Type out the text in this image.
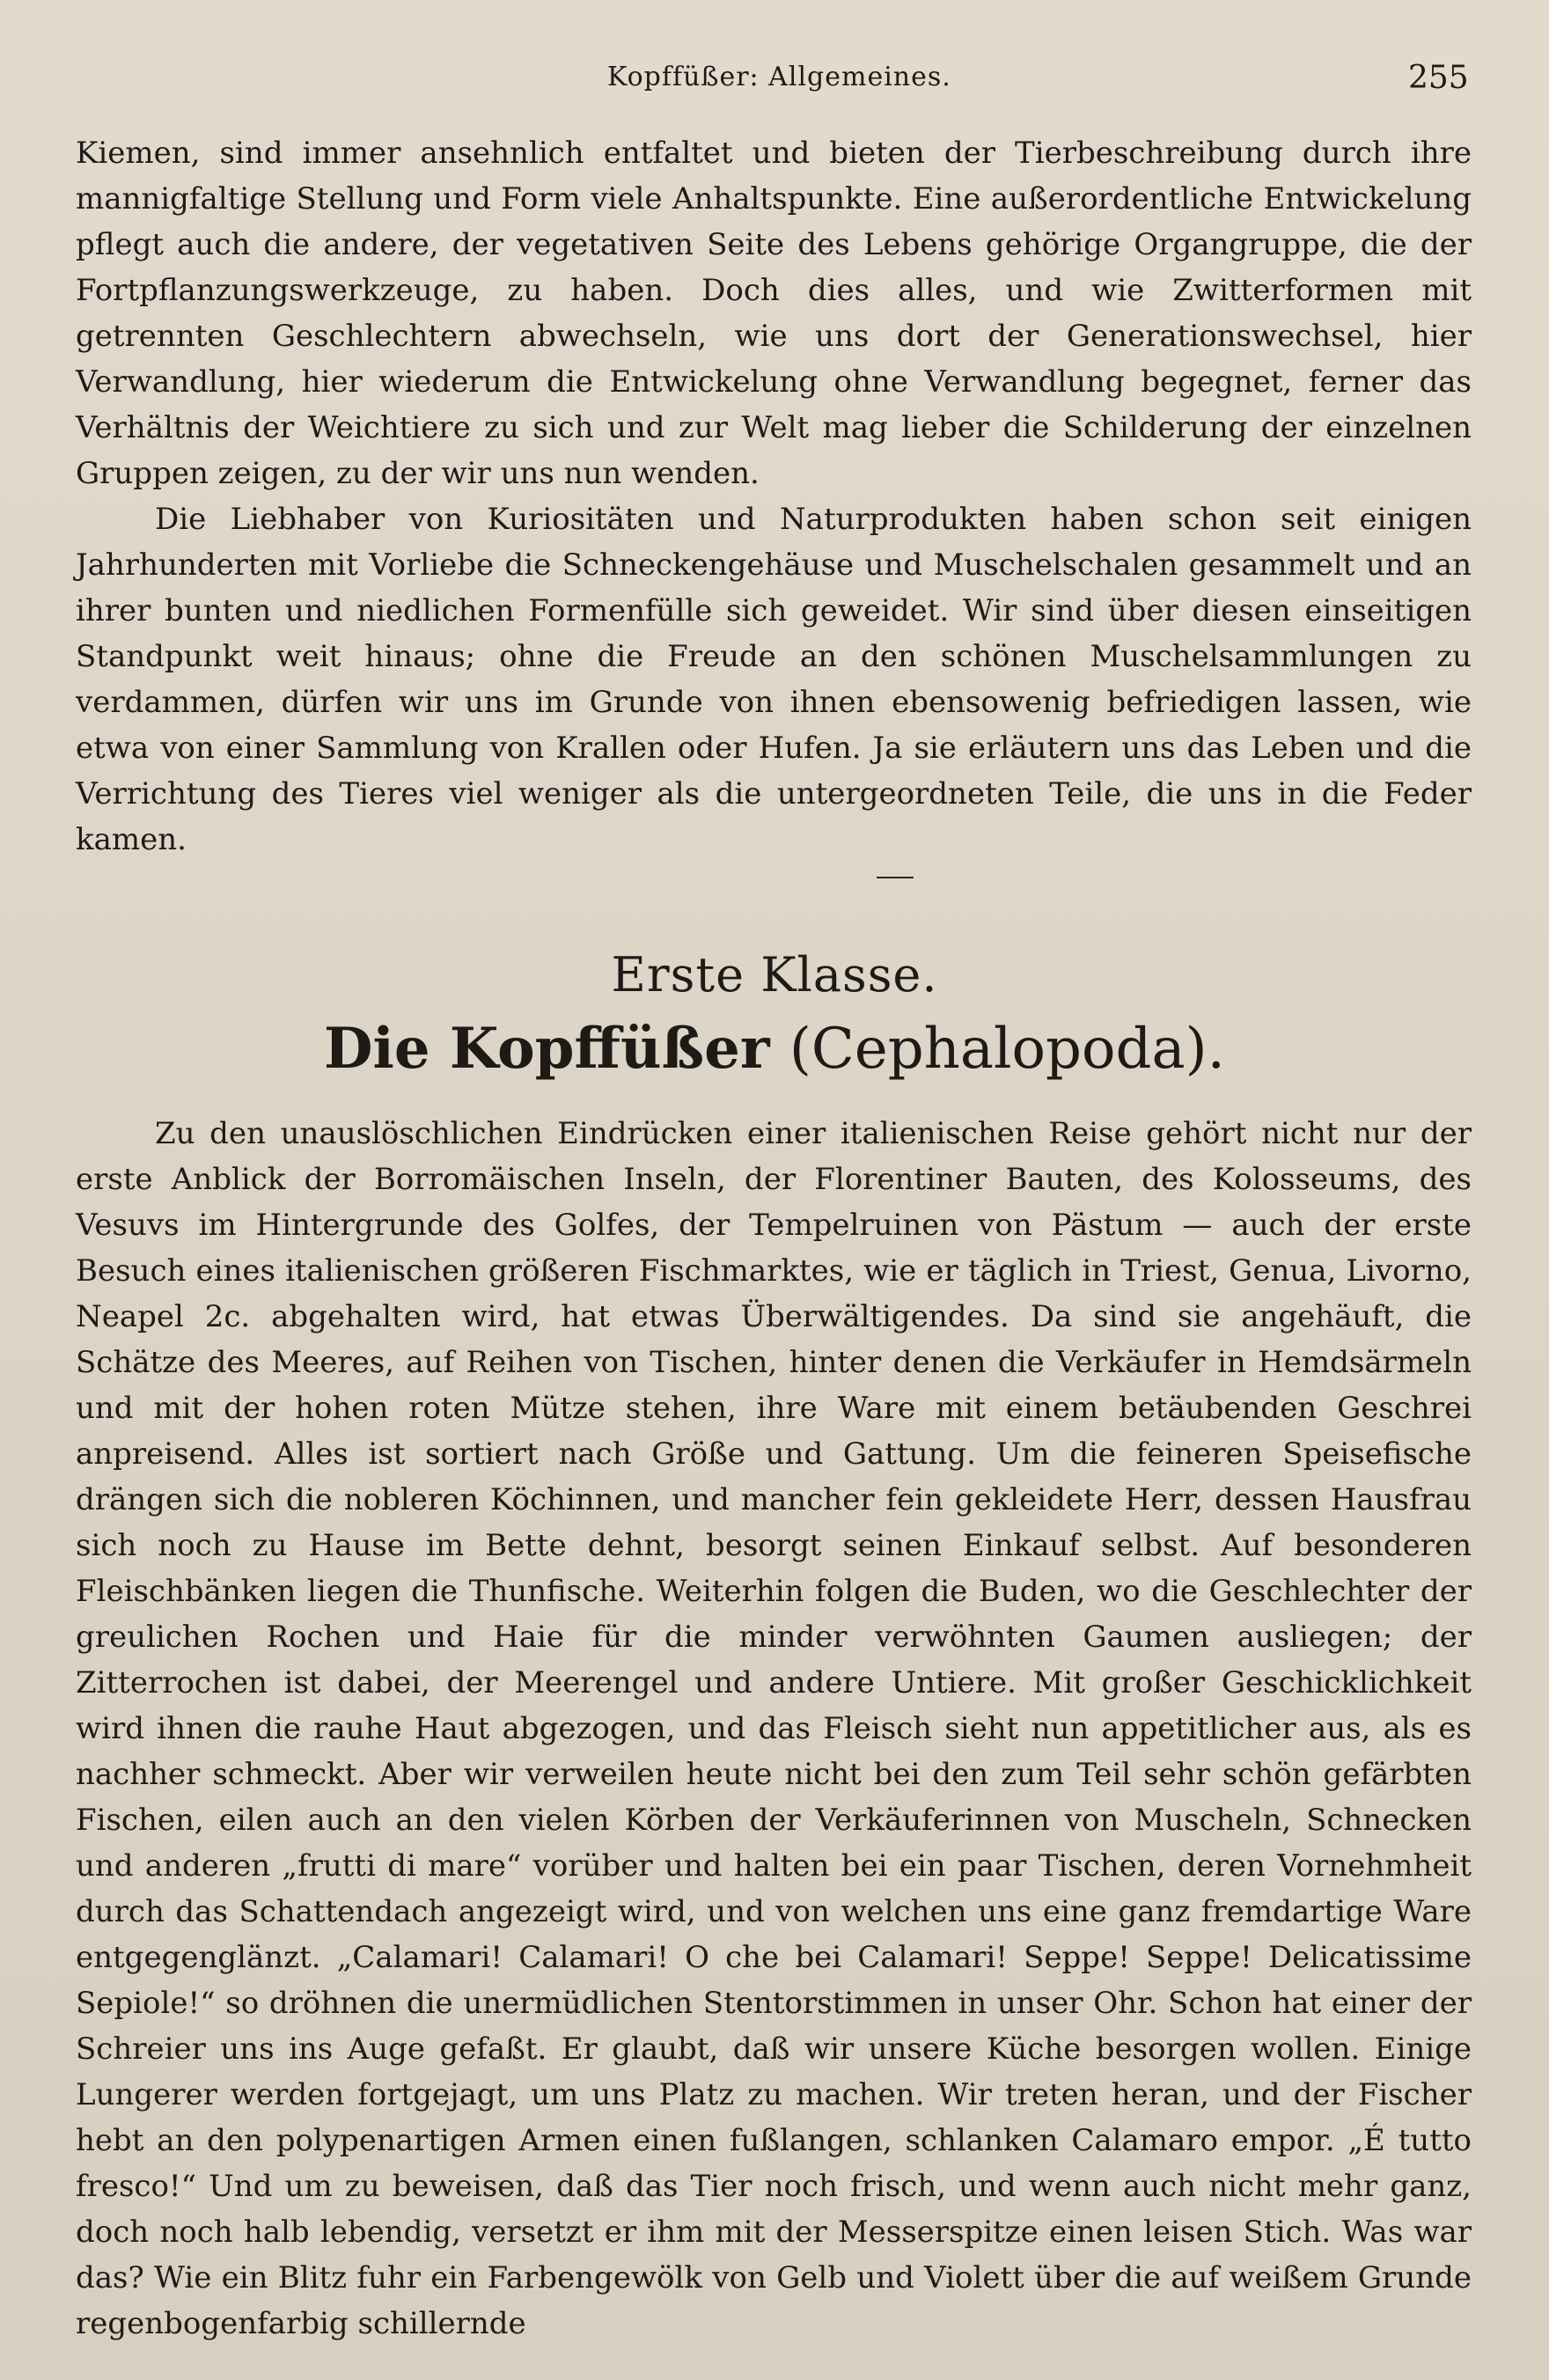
Kopffüßer: Allgemeines.	255

Kiemen, sind immer ansehnlich entfaltet und bieten der Tierbeschreibung durch ihre mannigfaltige Stellung und Form viele Anhaltspunkte. Eine außerordentliche Entwickelung pflegt auch die andere, der vegetativen Seite des Lebens gehörige Organgruppe, die der Fortpflanzungswerkzeuge, zu haben. Doch dies alles, und wie Zwitterformen mit getrennten Geschlechtern abwechseln, wie uns dort der Generationswechsel, hier Verwandlung, hier wiederum die Entwickelung ohne Verwandlung begegnet, ferner das Verhältnis der Weichtiere zu sich und zur Welt mag lieber die Schilderung der einzelnen Gruppen zeigen, zu der wir uns nun wenden.

Die Liebhaber von Kuriositäten und Naturprodukten haben schon seit einigen Jahrhunderten mit Vorliebe die Schneckengehäuse und Muschelschalen gesammelt und an ihrer bunten und niedlichen Formenfülle sich geweidet. Wir sind über diesen einseitigen Standpunkt weit hinaus; ohne die Freude an den schönen Muschelsammlungen zu verdammen, dürfen wir uns im Grunde von ihnen ebensowenig befriedigen lassen, wie etwa von einer Sammlung von Krallen oder Hufen. Ja sie erläutern uns das Leben und die Verrichtung des Tieres viel weniger als die untergeordneten Teile, die uns in die Feder kamen.

Erste Klasse.
Die Kopffüßer (Cephalopoda).

Zu den unauslöschlichen Eindrücken einer italienischen Reise gehört nicht nur der erste Anblick der Borromäischen Inseln, der Florentiner Bauten, des Kolosseums, des Vesuvs im Hintergrunde des Golfes, der Tempelruinen von Pästum — auch der erste Besuch eines italienischen größeren Fischmarktes, wie er täglich in Triest, Genua, Livorno, Neapel 2c. abgehalten wird, hat etwas Überwältigendes. Da sind sie angehäuft, die Schätze des Meeres, auf Reihen von Tischen, hinter denen die Verkäufer in Hemdsärmeln und mit der hohen roten Mütze stehen, ihre Ware mit einem betäubenden Geschrei anpreisend. Alles ist sortiert nach Größe und Gattung. Um die feineren Speisefische drängen sich die nobleren Köchinnen, und mancher fein gekleidete Herr, dessen Hausfrau sich noch zu Hause im Bette dehnt, besorgt seinen Einkauf selbst. Auf besonderen Fleischbänken liegen die Thunfische. Weiterhin folgen die Buden, wo die Geschlechter der greulichen Rochen und Haie für die minder verwöhnten Gaumen ausliegen; der Zitterrochen ist dabei, der Meerengel und andere Untiere. Mit großer Geschicklichkeit wird ihnen die rauhe Haut abgezogen, und das Fleisch sieht nun appetitlicher aus, als es nachher schmeckt. Aber wir verweilen heute nicht bei den zum Teil sehr schön gefärbten Fischen, eilen auch an den vielen Körben der Verkäuferinnen von Muscheln, Schnecken und anderen „frutti di mare“ vorüber und halten bei ein paar Tischen, deren Vornehmheit durch das Schattendach angezeigt wird, und von welchen uns eine ganz fremdartige Ware entgegenglänzt. „Calamari! Calamari! O che bei Calamari! Seppe! Seppe! Delicatissime Sepiole!“ so dröhnen die unermüdlichen Stentorstimmen in unser Ohr. Schon hat einer der Schreier uns ins Auge gefaßt. Er glaubt, daß wir unsere Küche besorgen wollen. Einige Lungerer werden fortgejagt, um uns Platz zu machen. Wir treten heran, und der Fischer hebt an den polypenartigen Armen einen fußlangen, schlanken Calamaro empor. „É tutto fresco!“ Und um zu beweisen, daß das Tier noch frisch, und wenn auch nicht mehr ganz, doch noch halb lebendig, versetzt er ihm mit der Messerspitze einen leisen Stich. Was war das? Wie ein Blitz fuhr ein Farbengewölk von Gelb und Violett über die auf weißem Grunde regenbogenfarbig schillernde
